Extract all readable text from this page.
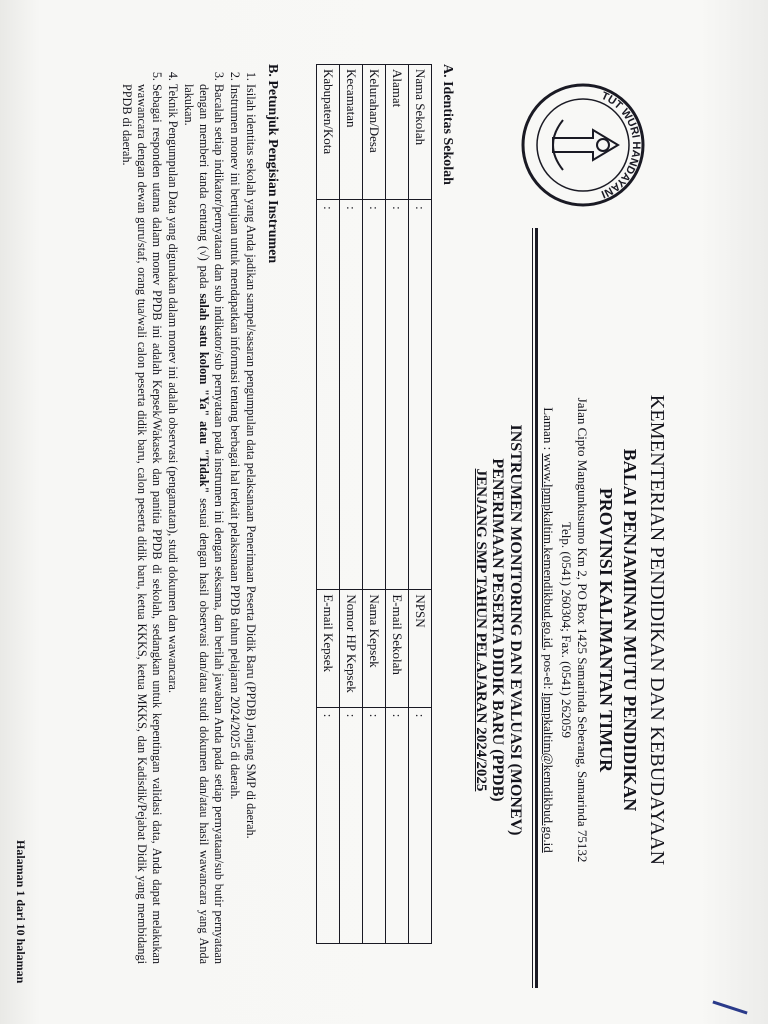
TUT WURI HANDAYANI
KEMENTERIAN PENDIDIKAN DAN KEBUDAYAAN
BALAI PENJAMINAN MUTU PENDIDIKAN
PROVINSI KALIMANTAN TIMUR
Jalan Cipto Mangunkusumo Km 2, PO Box 1425 Samarinda Seberang, Samarinda 75132
Telp. (0541) 260304; Fax. (0541) 262059
Laman : www.lpmpkaltim.kemendikbud.go.id, pos-el: lpmpkaltim@kemdikbud.go.id
INSTRUMEN MONITORING DAN EVALUASI (MONEV)
PENERIMAAN PESERTA DIDIK BARU (PPDB)
JENJANG SMP TAHUN PELAJARAN 2024/2025
A. Identitas Sekolah
Nama Sekolah	:	NPSN	:
Alamat	:	E-mail Sekolah	:
Kelurahan/Desa	:	Nama Kepsek	:
Kecamatan	:	Nomor HP Kepsek	:
Kabupaten/Kota	:	E-mail Kepsek	:
B. Petunjuk Pengisian Instrumen
1. Isilah identitas sekolah yang Anda jadikan sampel/sasaran pengumpulan data pelaksanaan Penerimaan Peserta Didik Baru (PPDB) Jenjang SMP di daerah.
2. Instrumen monev ini bertujuan untuk mendapatkan informasi tentang berbagai hal terkait pelaksanaan PPDB tahun pelajaran 2024/2025 di daerah.
3. Bacalah setiap indikator/pernyataan dan sub indikator/sub pernyataan pada instrumen ini dengan seksama, dan berilah jawaban Anda pada setiap pernyataan/sub butir pernyataan dengan memberi tanda centang (√) pada salah satu kolom "Ya" atau "Tidak" sesuai dengan hasil observasi dan/atau studi dokumen dan/atau hasil wawancara yang Anda lakukan.
4. Teknik Pengumpulan Data yang digunakan dalam monev ini adalah observasi (pengamatan), studi dokumen dan wawancara.
5. Sebagai responden utama dalam monev PPDB ini adalah Kepsek/Wakasek dan panitia PPDB di sekolah, sedangkan untuk kepentingan validasi data, Anda dapat melakukan wawancara dengan dewan guru/staf, orang tua/wali calon peserta didik baru, calon peserta didik baru, ketua KKKS, ketua MKKS, dan Kadisdik/Pejabat Didik yang membidangi PPDB di daerah.
Halaman 1 dari 10 halaman
